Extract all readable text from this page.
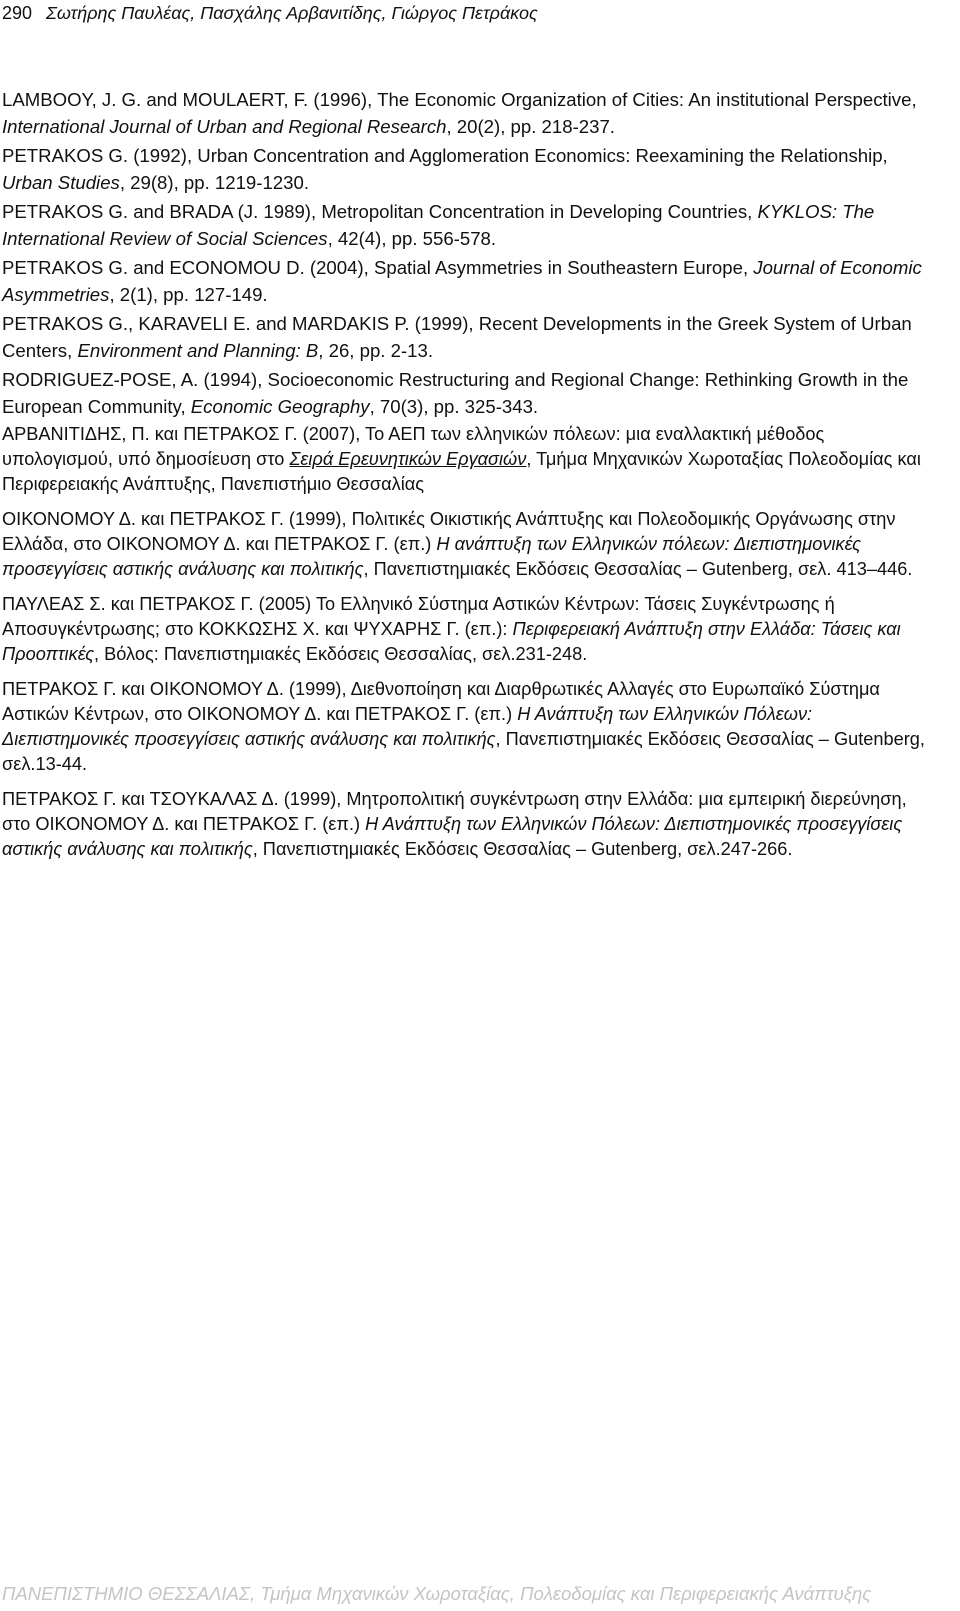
290 Σωτήρης Παυλέας, Πασχάλης Αρβανιτίδης, Γιώργος Πετράκος

LAMBOOY, J. G. and MOULAERT, F. (1996), The Economic Organization of Cities: An institutional Perspective, International Journal of Urban and Regional Research, 20(2), pp. 218-237.

PETRAKOS G. (1992), Urban Concentration and Agglomeration Economics: Reexamining the Relationship, Urban Studies, 29(8), pp. 1219-1230.

PETRAKOS G. and BRADA (J. 1989), Metropolitan Concentration in Developing Countries, KYKLOS: The International Review of Social Sciences, 42(4), pp. 556-578.

PETRAKOS G. and ECONOMOU D. (2004), Spatial Asymmetries in Southeastern Europe, Journal of Economic Asymmetries, 2(1), pp. 127-149.

PETRAKOS G., KARAVELI E. and MARDAKIS P. (1999), Recent Developments in the Greek System of Urban Centers, Environment and Planning: B, 26, pp. 2-13.

RODRIGUEZ-POSE, A. (1994), Socioeconomic Restructuring and Regional Change: Rethinking Growth in the European Community, Economic Geography, 70(3), pp. 325-343.

ΑΡΒΑΝΙΤΙΔΗΣ, Π. και ΠΕΤΡΑΚΟΣ Γ. (2007), Το ΑΕΠ των ελληνικών πόλεων: μια εναλλακτική μέθοδος υπολογισμού, υπό δημοσίευση στο Σειρά Ερευνητικών Εργασιών, Τμήμα Μηχανικών Χωροταξίας Πολεοδομίας και Περιφερειακής Ανάπτυξης, Πανεπιστήμιο Θεσσαλίας

ΟΙΚΟΝΟΜΟΥ Δ. και ΠΕΤΡΑΚΟΣ Γ. (1999), Πολιτικές Οικιστικής Ανάπτυξης και Πολεοδομικής Οργάνωσης στην Ελλάδα, στο ΟΙΚΟΝΟΜΟΥ Δ. και ΠΕΤΡΑΚΟΣ Γ. (επ.) Η ανάπτυξη των Ελληνικών πόλεων: Διεπιστημονικές προσεγγίσεις αστικής ανάλυσης και πολιτικής, Πανεπιστημιακές Εκδόσεις Θεσσαλίας – Gutenberg, σελ. 413–446.

ΠΑΥΛΕΑΣ Σ. και ΠΕΤΡΑΚΟΣ Γ. (2005) Το Ελληνικό Σύστημα Αστικών Κέντρων: Τάσεις Συγκέντρωσης ή Αποσυγκέντρωσης; στο ΚΟΚΚΩΣΗΣ Χ. και ΨΥΧΑΡΗΣ Γ. (επ.): Περιφερειακή Ανάπτυξη στην Ελλάδα: Τάσεις και Προοπτικές, Βόλος: Πανεπιστημιακές Εκδόσεις Θεσσαλίας, σελ.231-248.

ΠΕΤΡΑΚΟΣ Γ. και ΟΙΚΟΝΟΜΟΥ Δ. (1999), Διεθνοποίηση και Διαρθρωτικές Αλλαγές στο Ευρωπαϊκό Σύστημα Αστικών Κέντρων, στο ΟΙΚΟΝΟΜΟΥ Δ. και ΠΕΤΡΑΚΟΣ Γ. (επ.) Η Ανάπτυξη των Ελληνικών Πόλεων: Διεπιστημονικές προσεγγίσεις αστικής ανάλυσης και πολιτικής, Πανεπιστημιακές Εκδόσεις Θεσσαλίας – Gutenberg, σελ.13-44.

ΠΕΤΡΑΚΟΣ Γ. και ΤΣΟΥΚΑΛΑΣ Δ. (1999), Μητροπολιτική συγκέντρωση στην Ελλάδα: μια εμπειρική διερεύνηση, στο ΟΙΚΟΝΟΜΟΥ Δ. και ΠΕΤΡΑΚΟΣ Γ. (επ.) Η Ανάπτυξη των Ελληνικών Πόλεων: Διεπιστημονικές προσεγγίσεις αστικής ανάλυσης και πολιτικής, Πανεπιστημιακές Εκδόσεις Θεσσαλίας – Gutenberg, σελ.247-266.

ΠΑΝΕΠΙΣΤΗΜΙΟ ΘΕΣΣΑΛΙΑΣ, Τμήμα Μηχανικών Χωροταξίας, Πολεοδομίας και Περιφερειακής Ανάπτυξης
